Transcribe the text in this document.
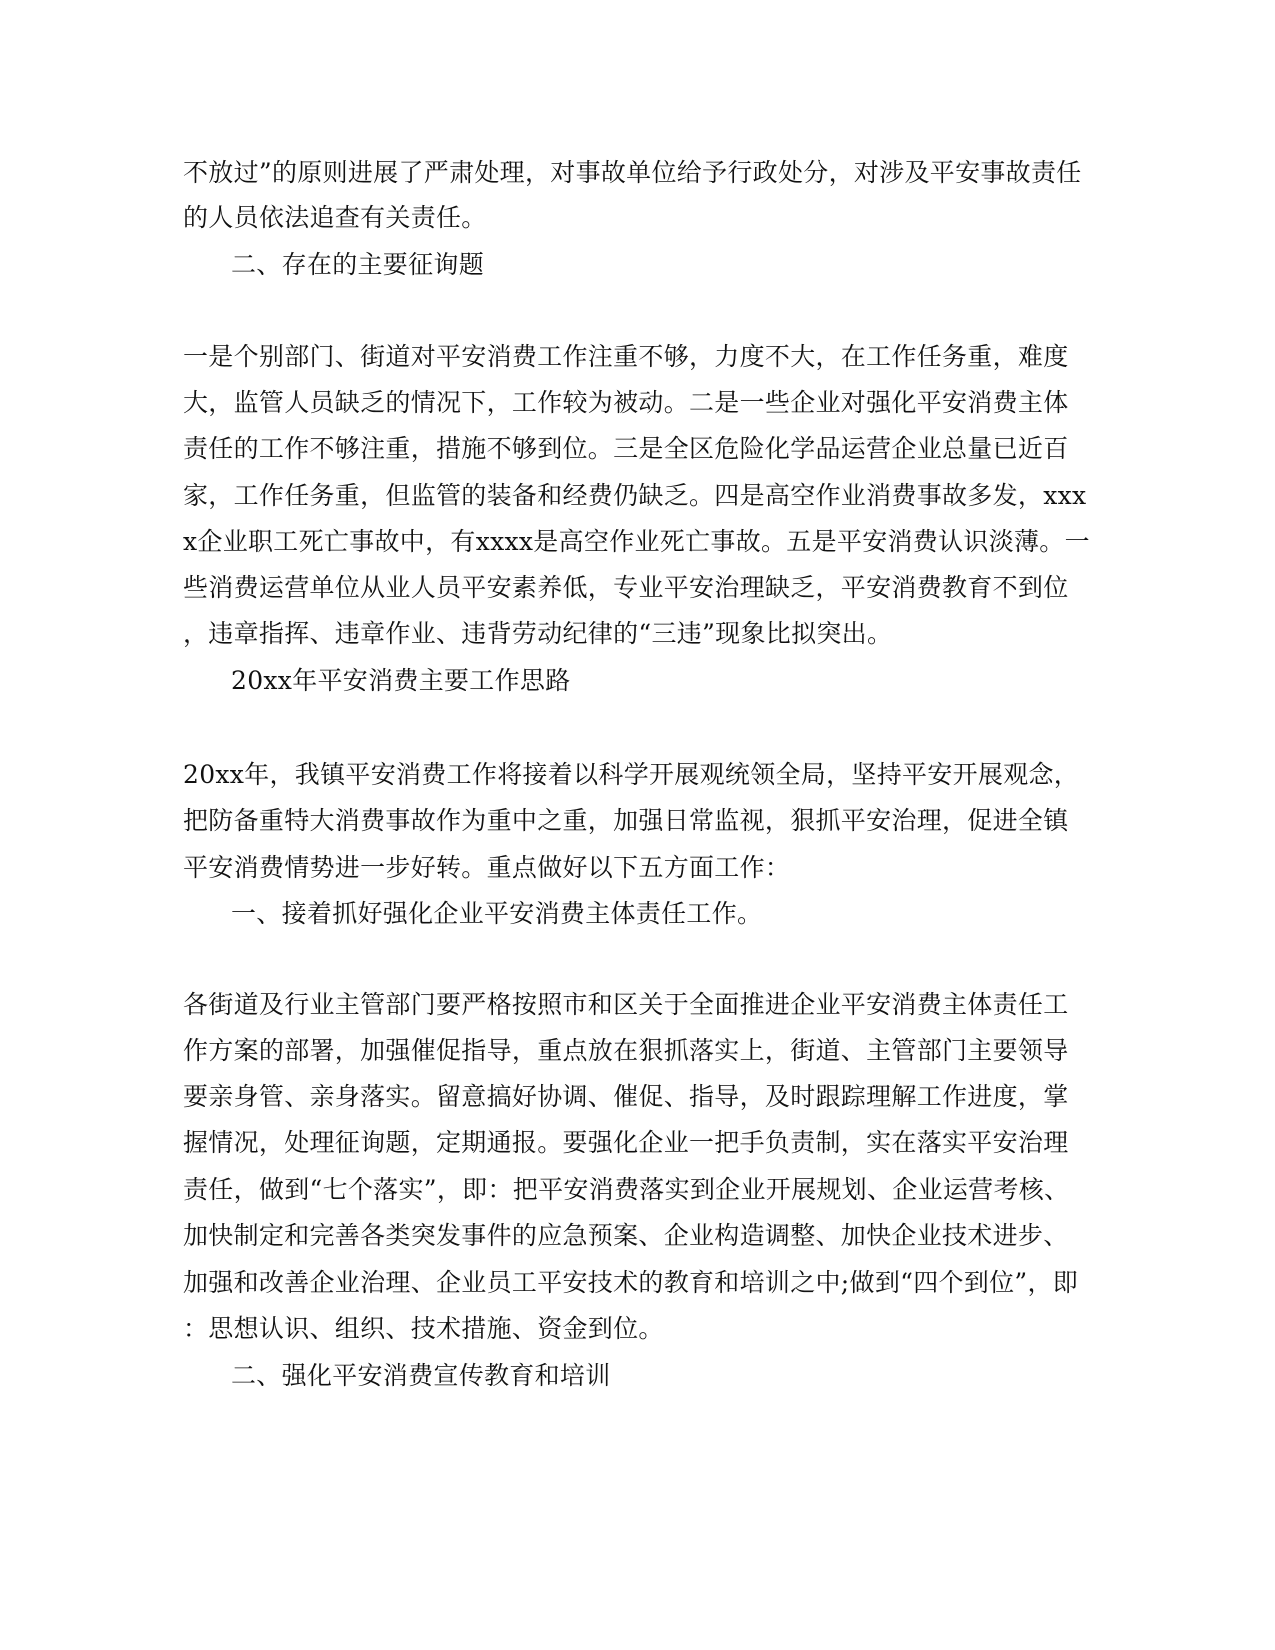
不放过”的原则进展了严肃处理，对事故单位给予行政处分，对涉及平安事故责任
的人员依法追查有关责任。
二、存在的主要征询题
一是个别部门、街道对平安消费工作注重不够，力度不大，在工作任务重，难度
大，监管人员缺乏的情况下，工作较为被动。二是一些企业对强化平安消费主体
责任的工作不够注重，措施不够到位。三是全区危险化学品运营企业总量已近百
家，工作任务重，但监管的装备和经费仍缺乏。四是高空作业消费事故多发，xxx
x企业职工死亡事故中，有xxxx是高空作业死亡事故。五是平安消费认识淡薄。一
些消费运营单位从业人员平安素养低，专业平安治理缺乏，平安消费教育不到位
，违章指挥、违章作业、违背劳动纪律的“三违”现象比拟突出。
20xx年平安消费主要工作思路
20xx年，我镇平安消费工作将接着以科学开展观统领全局，坚持平安开展观念，
把防备重特大消费事故作为重中之重，加强日常监视，狠抓平安治理，促进全镇
平安消费情势进一步好转。重点做好以下五方面工作：
一、接着抓好强化企业平安消费主体责任工作。
各街道及行业主管部门要严格按照市和区关于全面推进企业平安消费主体责任工
作方案的部署，加强催促指导，重点放在狠抓落实上，街道、主管部门主要领导
要亲身管、亲身落实。留意搞好协调、催促、指导，及时跟踪理解工作进度，掌
握情况，处理征询题，定期通报。要强化企业一把手负责制，实在落实平安治理
责任，做到“七个落实”，即：把平安消费落实到企业开展规划、企业运营考核、
加快制定和完善各类突发事件的应急预案、企业构造调整、加快企业技术进步、
加强和改善企业治理、企业员工平安技术的教育和培训之中;做到“四个到位”，即
：思想认识、组织、技术措施、资金到位。
二、强化平安消费宣传教育和培训
